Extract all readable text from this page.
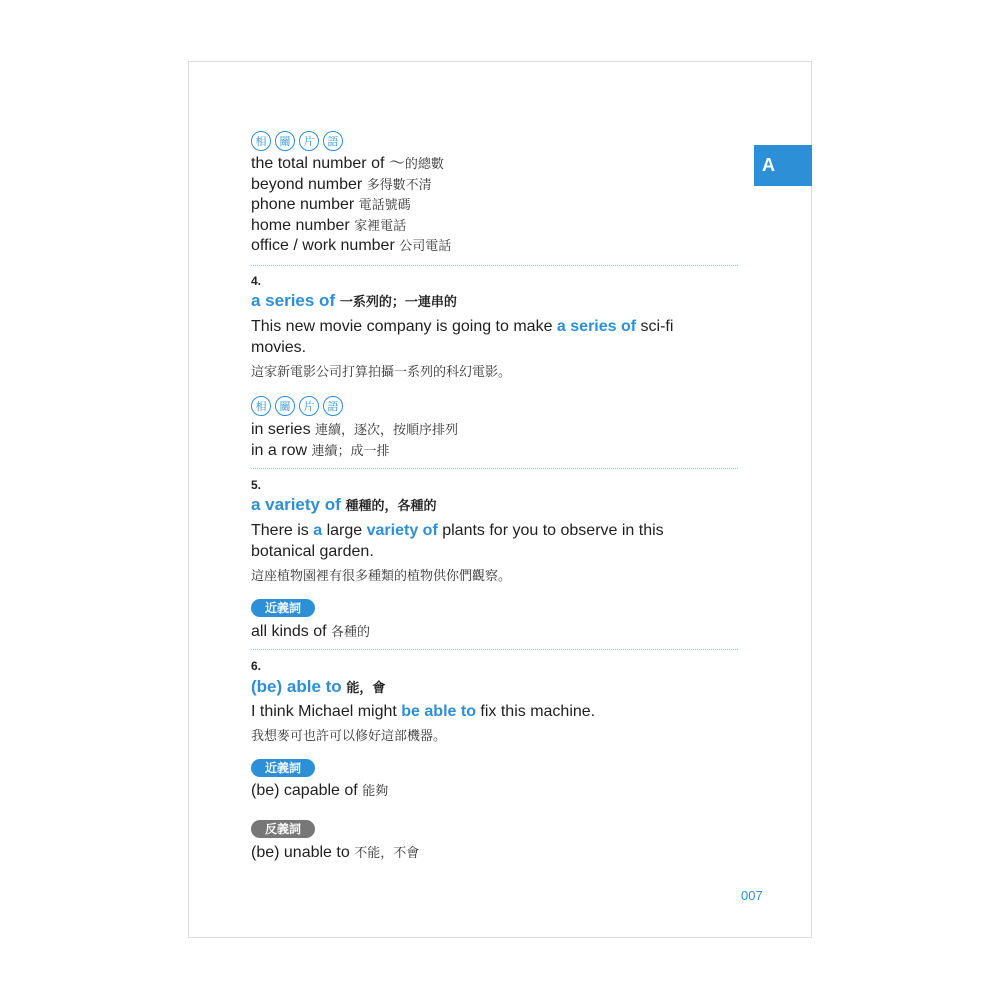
A
相	關	片	語
the total number of ～的總數
beyond number 多得數不清
phone number 電話號碼
home number 家裡電話
office / work number 公司電話
4.
a series of 一系列的；一連串的
This new movie company is going to make a series of sci-fi
movies.
這家新電影公司打算拍攝一系列的科幻電影。
相	關	片	語
in series 連續，逐次，按順序排列
in a row 連續；成一排
5.
a variety of 種種的，各種的
There is a large variety of plants for you to observe in this
botanical garden.
這座植物園裡有很多種類的植物供你們觀察。
近義詞
all kinds of 各種的
6.
(be) able to 能，會
I think Michael might be able to fix this machine.
我想麥可也許可以修好這部機器。
近義詞
(be) capable of 能夠
反義詞
(be) unable to 不能，不會
007
